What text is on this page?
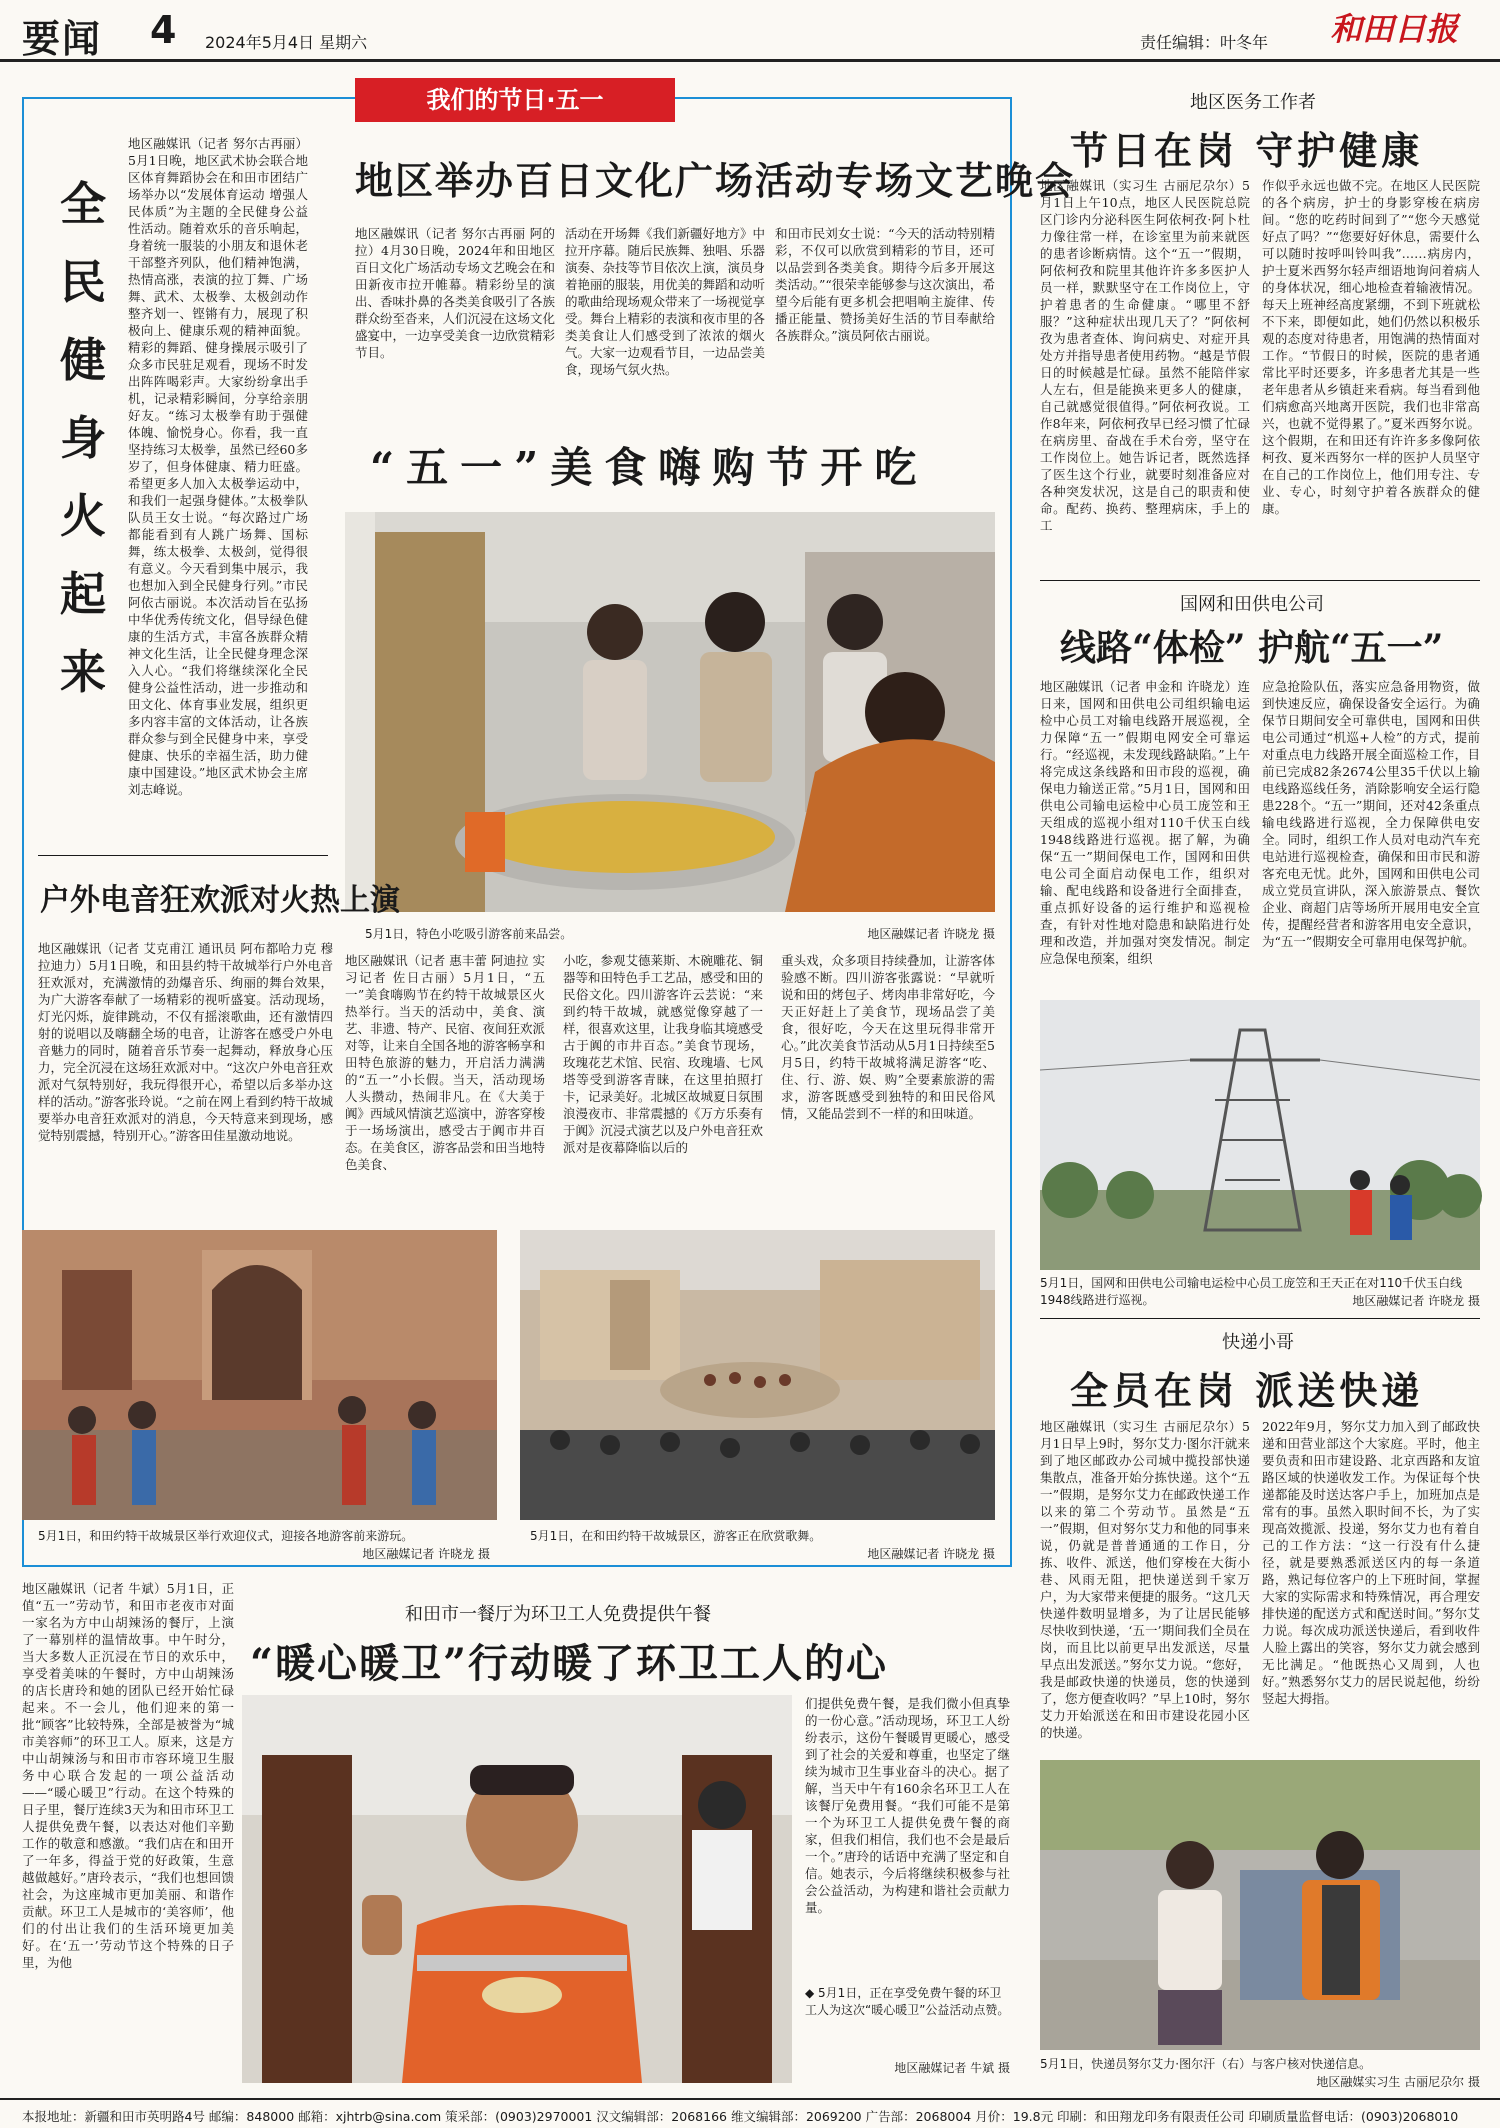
要闻 4 2024年5月4日 星期六	责任编辑：叶冬年 和田日报
我们的节日·五一
全民健身火起来
地区融媒讯（记者 努尔古再丽）5月1日晚，地区武术协会联合地区体育舞蹈协会在和田市团结广场举办以“发展体育运动 增强人民体质”为主题的全民健身公益性活动。随着欢乐的音乐响起，身着统一服装的小朋友和退休老干部整齐列队，他们精神饱满，热情高涨，表演的拉丁舞、广场舞、武术、太极拳、太极剑动作整齐划一、铿锵有力，展现了积极向上、健康乐观的精神面貌。精彩的舞蹈、健身操展示吸引了众多市民驻足观看，现场不时发出阵阵喝彩声。大家纷纷拿出手机，记录精彩瞬间，分享给亲朋好友。“练习太极拳有助于强健体魄、愉悦身心。你看，我一直坚持练习太极拳，虽然已经60多岁了，但身体健康、精力旺盛。希望更多人加入太极拳运动中，和我们一起强身健体。”太极拳队队员王女士说。“每次路过广场都能看到有人跳广场舞、国标舞，练太极拳、太极剑，觉得很有意义。今天看到集中展示，我也想加入到全民健身行列。”市民阿依古丽说。本次活动旨在弘扬中华优秀传统文化，倡导绿色健康的生活方式，丰富各族群众精神文化生活，让全民健身理念深入人心。“我们将继续深化全民健身公益性活动，进一步推动和田文化、体育事业发展，组织更多内容丰富的文体活动，让各族群众参与到全民健身中来，享受健康、快乐的幸福生活，助力健康中国建设。”地区武术协会主席刘志峰说。
地区举办百日文化广场活动专场文艺晚会
地区融媒讯（记者 努尔古再丽 阿的拉）4月30日晚，2024年和田地区百日文化广场活动专场文艺晚会在和田新夜市拉开帷幕。精彩纷呈的演出、香味扑鼻的各类美食吸引了各族群众纷至沓来，人们沉浸在这场文化盛宴中，一边享受美食一边欣赏精彩节目。
活动在开场舞《我们新疆好地方》中拉开序幕。随后民族舞、独唱、乐器演奏、杂技等节目依次上演，演员身着艳丽的服装，用优美的舞蹈和动听的歌曲给现场观众带来了一场视觉享受。舞台上精彩的表演和夜市里的各类美食让人们感受到了浓浓的烟火气。大家一边观看节目，一边品尝美食，现场气氛火热。
和田市民刘女士说：“今天的活动特别精彩，不仅可以欣赏到精彩的节目，还可以品尝到各类美食。期待今后多开展这类活动。”“很荣幸能够参与这次演出，希望今后能有更多机会把唱响主旋律、传播正能量、赞扬美好生活的节目奉献给各族群众。”演员阿依古丽说。
“五一”美食嗨购节开吃
5月1日，特色小吃吸引游客前来品尝。	地区融媒记者 许晓龙 摄
地区融媒讯（记者 惠丰蕾 阿迪拉 实习记者 佐日古丽）5月1日，“五一”美食嗨购节在约特干故城景区火热举行。当天的活动中，美食、演艺、非遗、特产、民宿、夜间狂欢派对等，让来自全国各地的游客畅享和田特色旅游的魅力，开启活力满满的“五一”小长假。当天，活动现场人头攒动，热闹非凡。在《大美于阗》西域风情演艺巡演中，游客穿梭于一场场演出，感受古于阗市井百态。在美食区，游客品尝和田当地特色美食、
小吃，参观艾德莱斯、木碗雕花、铜器等和田特色手工艺品，感受和田的民俗文化。四川游客许云芸说：“来到约特干故城，就感觉像穿越了一样，很喜欢这里，让我身临其境感受古于阗的市井百态。”美食节现场，玫瑰花艺术馆、民宿、玫瑰墙、七风塔等受到游客青睐，在这里拍照打卡，记录美好。北城区故城夏日氛围浪漫夜市、非常震撼的《万方乐奏有于阗》沉浸式演艺以及户外电音狂欢派对是夜幕降临以后的
重头戏，众多项目持续叠加，让游客体验感不断。四川游客张露说：“早就听说和田的烤包子、烤肉串非常好吃，今天正好赶上了美食节，现场品尝了美食，很好吃，今天在这里玩得非常开心。”此次美食节活动从5月1日持续至5月5日，约特干故城将满足游客“吃、住、行、游、娱、购”全要素旅游的需求，游客既感受到独特的和田民俗风情，又能品尝到不一样的和田味道。
户外电音狂欢派对火热上演
地区融媒讯（记者 艾克甫江 通讯员 阿布都哈力克 穆拉迪力）5月1日晚，和田县约特干故城举行户外电音狂欢派对，充满激情的劲爆音乐、绚丽的舞台效果，为广大游客奉献了一场精彩的视听盛宴。活动现场，灯光闪烁，旋律跳动，不仅有摇滚歌曲，还有激情四射的说唱以及嗨翻全场的电音，让游客在感受户外电音魅力的同时，随着音乐节奏一起舞动，释放身心压力，完全沉浸在这场狂欢派对中。“这次户外电音狂欢派对气氛特别好，我玩得很开心，希望以后多举办这样的活动。”游客张玲说。“之前在网上看到约特干故城要举办电音狂欢派对的消息，今天特意来到现场，感觉特别震撼，特别开心。”游客田佳星激动地说。
5月1日，和田约特干故城景区举行欢迎仪式，迎接各地游客前来游玩。
地区融媒记者 许晓龙 摄
5月1日，在和田约特干故城景区，游客正在欣赏歌舞。
地区融媒记者 许晓龙 摄
地区医务工作者
节日在岗 守护健康
地区融媒讯（实习生 古丽尼尕尔）5月1日上午10点，地区人民医院总院区门诊内分泌科医生阿依柯孜·阿卜杜力像往常一样，在诊室里为前来就医的患者诊断病情。这个“五一”假期，阿依柯孜和院里其他许许多多医护人员一样，默默坚守在工作岗位上，守护着患者的生命健康。“哪里不舒服？”这种症状出现几天了？”阿依柯孜为患者查体、询问病史、对症开具处方并指导患者使用药物。“越是节假日的时候越是忙碌。虽然不能陪伴家人左右，但是能换来更多人的健康，自己就感觉很值得。”阿依柯孜说。工作8年来，阿依柯孜早已经习惯了忙碌在病房里、奋战在手术台旁，坚守在工作岗位上。她告诉记者，既然选择了医生这个行业，就要时刻准备应对各种突发状况，这是自己的职责和使命。配药、换药、整理病床，手上的工
作似乎永远也做不完。在地区人民医院的各个病房，护士的身影穿梭在病房间。“您的吃药时间到了”“您今天感觉好点了吗？”“您要好好休息，需要什么可以随时按呼叫铃叫我”……病房内，护士夏米西努尔轻声细语地询问着病人的身体状况，细心地检查着输液情况。每天上班神经高度紧绷，不到下班就松不下来，即便如此，她们仍然以积极乐观的态度对待患者，用饱满的热情面对工作。“节假日的时候，医院的患者通常比平时还要多，许多患者尤其是一些老年患者从乡镇赶来看病。每当看到他们病愈高兴地离开医院，我们也非常高兴，也就不觉得累了。”夏米西努尔说。这个假期，在和田还有许许多多像阿依柯孜、夏米西努尔一样的医护人员坚守在自己的工作岗位上，他们用专注、专业、专心，时刻守护着各族群众的健康。
国网和田供电公司
线路“体检” 护航“五一”
地区融媒讯（记者 申金和 许晓龙）连日来，国网和田供电公司组织输电运检中心员工对输电线路开展巡视，全力保障“五一”假期电网安全可靠运行。“经巡视，未发现线路缺陷。”上午将完成这条线路和田市段的巡视，确保电力输送正常。”5月1日，国网和田供电公司输电运检中心员工庞笠和王天组成的巡视小组对110千伏玉白线1948线路进行巡视。据了解，为确保“五一”期间保电工作，国网和田供电公司全面启动保电工作，组织对输、配电线路和设备进行全面排查，重点抓好设备的运行维护和巡视检查，有针对性地对隐患和缺陷进行处理和改造，并加强对突发情况。制定应急保电预案，组织
应急抢险队伍，落实应急备用物资，做到快速反应，确保设备安全运行。为确保节日期间安全可靠供电，国网和田供电公司通过“机巡+人检”的方式，提前对重点电力线路开展全面巡检工作，目前已完成82条2674公里35千伏以上输电线路巡线任务，消除影响安全运行隐患228个。“五一”期间，还对42条重点输电线路进行巡视，全力保障供电安全。同时，组织工作人员对电动汽车充电站进行巡视检查，确保和田市民和游客充电无忧。此外，国网和田供电公司成立党员宣讲队，深入旅游景点、餐饮企业、商超门店等场所开展用电安全宣传，提醒经营者和游客用电安全意识，为“五一”假期安全可靠用电保驾护航。
5月1日，国网和田供电公司输电运检中心员工庞笠和王天正在对110千伏玉白线1948线路进行巡视。	地区融媒记者 许晓龙 摄
快递小哥
全员在岗 派送快递
地区融媒讯（实习生 古丽尼尕尔）5月1日早上9时，努尔艾力·图尔汗就来到了地区邮政办公司城中揽投部快递集散点，准备开始分拣快递。这个“五一”假期，是努尔艾力在邮政快递工作以来的第二个劳动节。虽然是“五一”假期，但对努尔艾力和他的同事来说，仍就是普普通通的工作日，分拣、收件、派送，他们穿梭在大街小巷、风雨无阻，把快递送到千家万户，为大家带来便捷的服务。“这几天快递件数明显增多，为了让居民能够尽快收到快递，‘五一’期间我们全员在岗，而且比以前更早出发派送，尽量早点出发派送。”努尔艾力说。“您好，我是邮政快递的快递员，您的快递到了，您方便查收吗？”早上10时，努尔艾力开始派送在和田市建设花园小区的快递。
2022年9月，努尔艾力加入到了邮政快递和田营业部这个大家庭。平时，他主要负责和田市建设路、北京西路和友谊路区域的快递收发工作。为保证每个快递都能及时送达客户手上，加班加点是常有的事。虽然入职时间不长，为了实现高效揽派、投递，努尔艾力也有着自己的工作方法：“这一行没有什么捷径，就是要熟悉派送区内的每一条道路，熟记每位客户的上下班时间，掌握大家的实际需求和特殊情况，再合理安排快递的配送方式和配送时间。”努尔艾力说。每次成功派送快递后，看到收件人脸上露出的笑容，努尔艾力就会感到无比满足。“他既热心又周到，人也好。”熟悉努尔艾力的居民说起他，纷纷竖起大拇指。
5月1日，快递员努尔艾力·图尔汗（右）与客户核对快递信息。
地区融媒实习生 古丽尼尕尔 摄
和田市一餐厅为环卫工人免费提供午餐
“暖心暖卫”行动暖了环卫工人的心
地区融媒讯（记者 牛斌）5月1日，正值“五一”劳动节，和田市老夜市对面一家名为方中山胡辣汤的餐厅，上演了一幕别样的温情故事。中午时分，当大多数人正沉浸在节日的欢乐中，享受着美味的午餐时，方中山胡辣汤的店长唐玲和她的团队已经开始忙碌起来。不一会儿，他们迎来的第一批“顾客”比较特殊，全部是被誉为“城市美容师”的环卫工人。原来，这是方中山胡辣汤与和田市市容环境卫生服务中心联合发起的一项公益活动——“暖心暖卫”行动。在这个特殊的日子里，餐厅连续3天为和田市环卫工人提供免费午餐，以表达对他们辛勤工作的敬意和感激。“我们店在和田开了一年多，得益于党的好政策，生意越做越好。”唐玲表示，“我们也想回馈社会，为这座城市更加美丽、和谐作贡献。环卫工人是城市的‘美容师’，他们的付出让我们的生活环境更加美好。在‘五一’劳动节这个特殊的日子里，为他
们提供免费午餐，是我们微小但真挚的一份心意。”活动现场，环卫工人纷纷表示，这份午餐暖胃更暖心，感受到了社会的关爱和尊重，也坚定了继续为城市卫生事业奋斗的决心。据了解，当天中午有160余名环卫工人在该餐厅免费用餐。“我们可能不是第一个为环卫工人提供免费午餐的商家，但我们相信，我们也不会是最后一个。”唐玲的话语中充满了坚定和自信。她表示，今后将继续积极参与社会公益活动，为构建和谐社会贡献力量。
◆ 5月1日，正在享受免费午餐的环卫工人为这次“暖心暖卫”公益活动点赞。
地区融媒记者 牛斌 摄
本报地址：新疆和田市英明路4号 邮编：848000 邮箱：xjhtrb@sina.com 策采部：(0903)2970001 汉文编辑部：2068166 维文编辑部：2069200 广告部：2068004 月价：19.8元 印刷：和田翔龙印务有限责任公司 印刷质量监督电话：(0903)2068010
